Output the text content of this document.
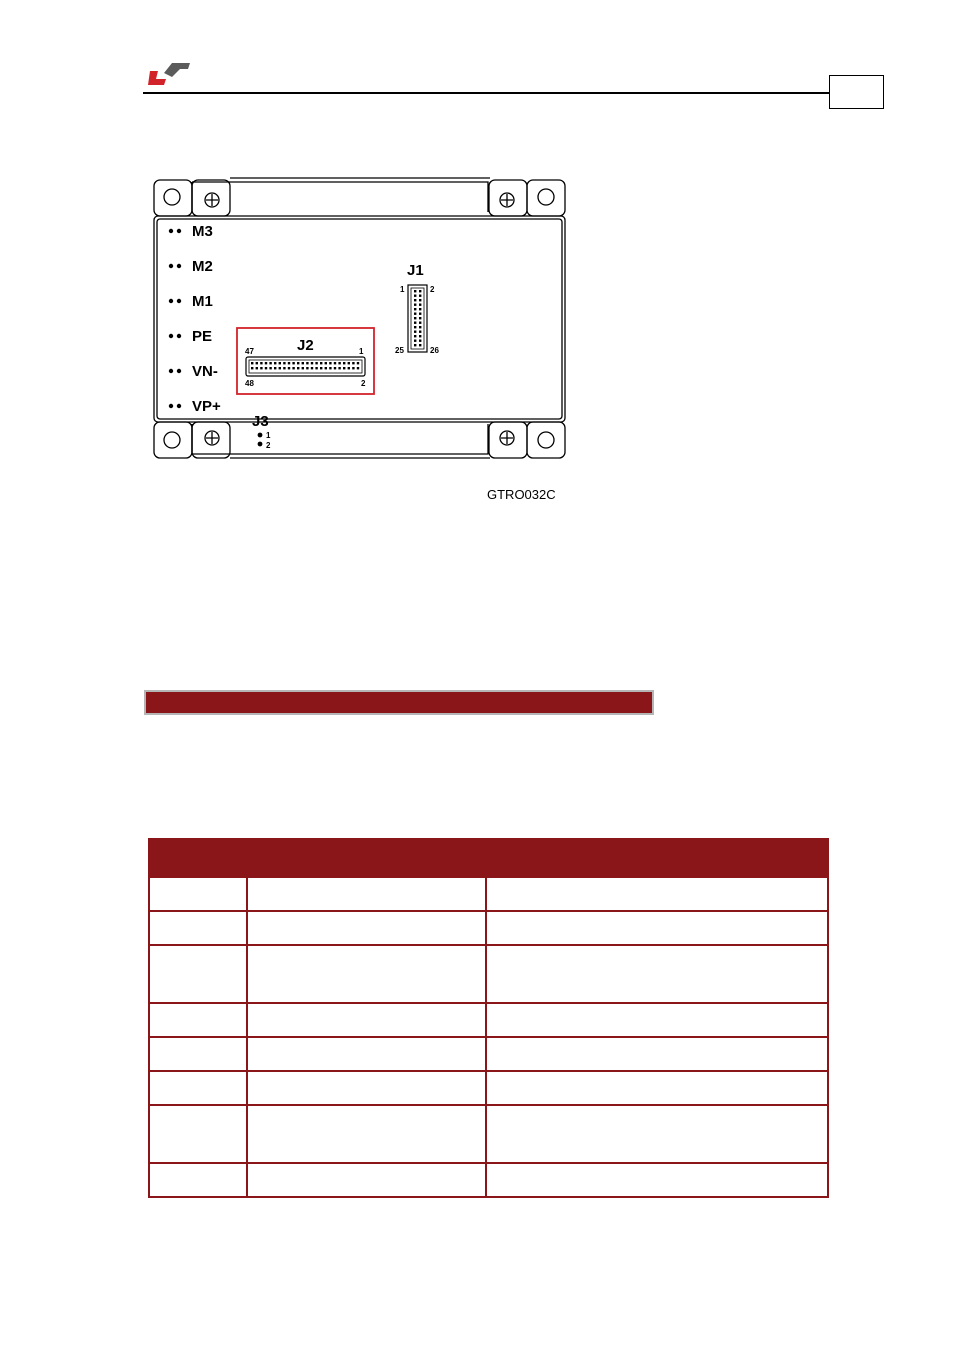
M3
M2
M1
PE
VN-
VP+
J1
1	2
25	26
J2
47	1
48	2
J3
1
2
GTRO032C
